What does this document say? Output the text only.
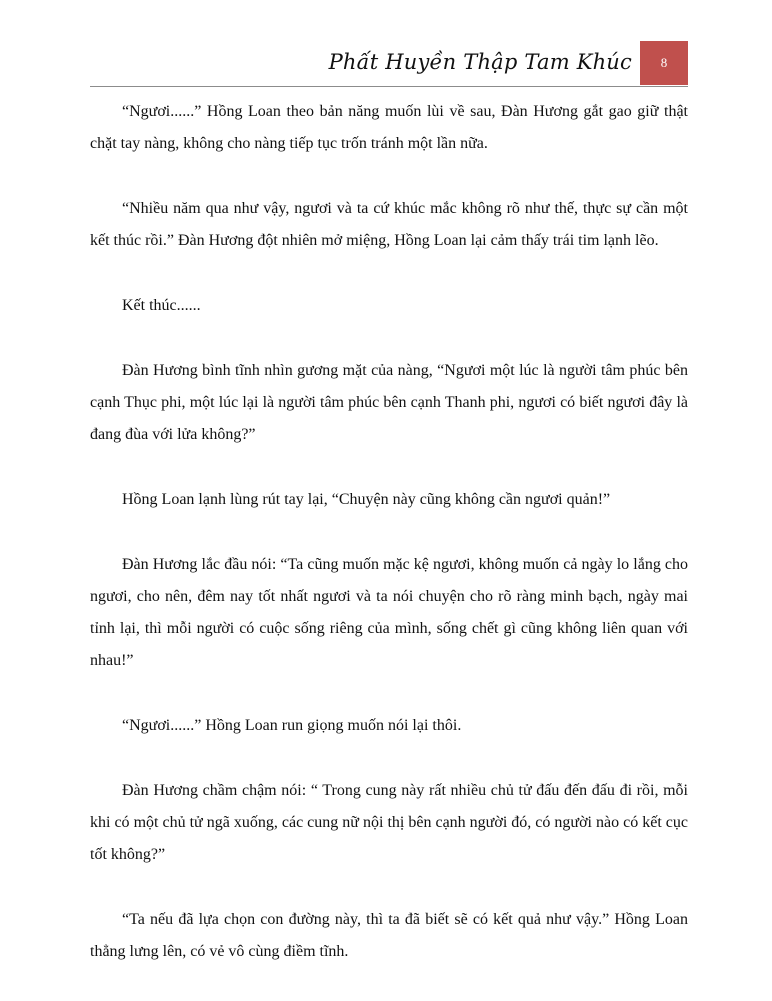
Phất Huyền Thập Tam Khúc	8

“Ngươi......” Hồng Loan theo bản năng muốn lùi về sau, Đàn Hương gắt gao giữ thật chặt tay nàng, không cho nàng tiếp tục trốn tránh một lần nữa.

“Nhiều năm qua như vậy, ngươi và ta cứ khúc mắc không rõ như thế, thực sự cần một kết thúc rồi.” Đàn Hương đột nhiên mở miệng, Hồng Loan lại cảm thấy trái tim lạnh lẽo.

Kết thúc......

Đàn Hương bình tĩnh nhìn gương mặt của nàng, “Ngươi một lúc là người tâm phúc bên cạnh Thục phi, một lúc lại là người tâm phúc bên cạnh Thanh phi, ngươi có biết ngươi đây là đang đùa với lửa không?”

Hồng Loan lạnh lùng rút tay lại, “Chuyện này cũng không cần ngươi quản!”

Đàn Hương lắc đầu nói: “Ta cũng muốn mặc kệ ngươi, không muốn cả ngày lo lắng cho ngươi, cho nên, đêm nay tốt nhất ngươi và ta nói chuyện cho rõ ràng minh bạch, ngày mai tỉnh lại, thì mỗi người có cuộc sống riêng của mình, sống chết gì cũng không liên quan với nhau!”

“Ngươi......” Hồng Loan run giọng muốn nói lại thôi.

Đàn Hương chầm chậm nói: “ Trong cung này rất nhiều chủ tử đấu đến đấu đi rồi, mỗi khi có một chủ tử ngã xuống, các cung nữ nội thị bên cạnh người đó, có người nào có kết cục tốt không?”

“Ta nếu đã lựa chọn con đường này, thì ta đã biết sẽ có kết quả như vậy.” Hồng Loan thẳng lưng lên, có vẻ vô cùng điềm tĩnh.
